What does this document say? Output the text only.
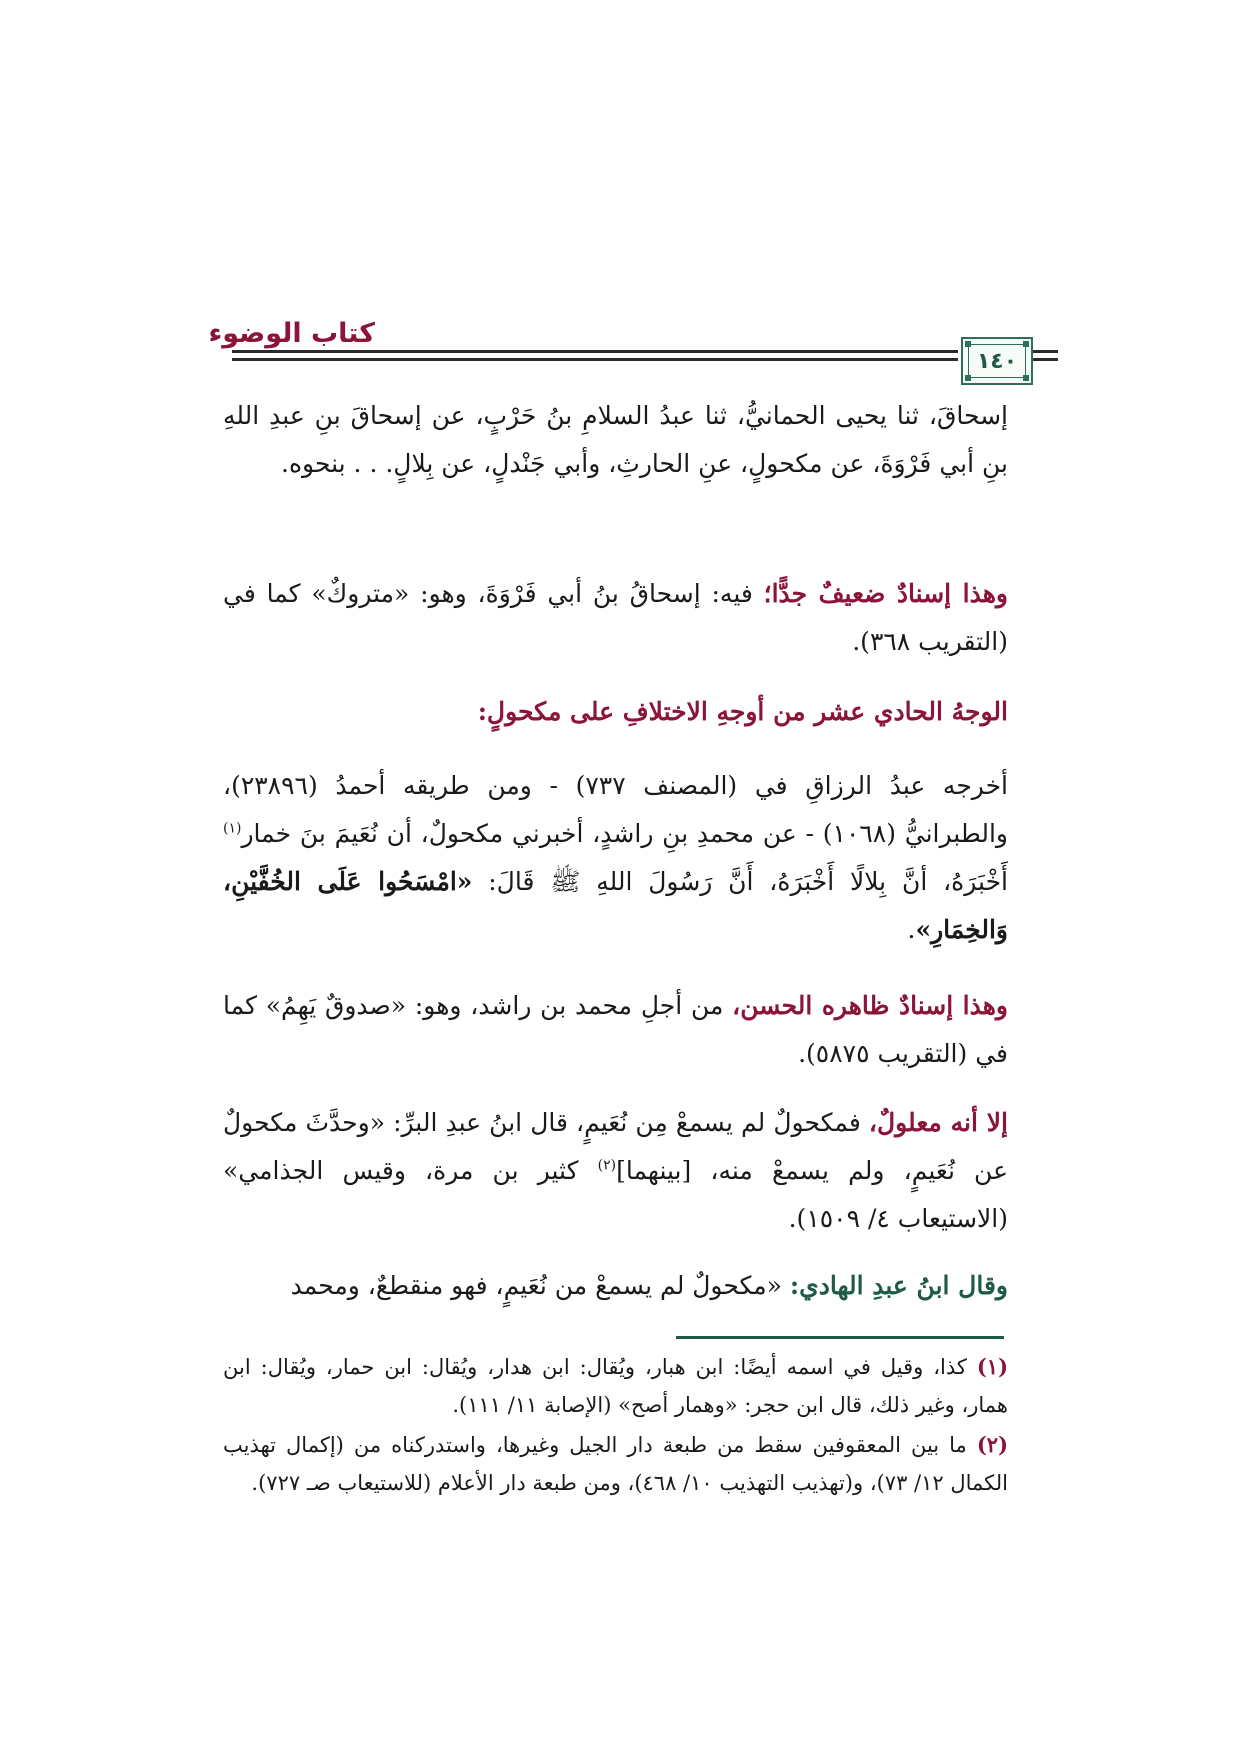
كتاب الوضوء
١٤٠

إسحاقَ، ثنا يحيى الحمانيُّ، ثنا عبدُ السلامِ بنُ حَرْبٍ، عن إسحاقَ بنِ عبدِ اللهِ بنِ أبي فَرْوَةَ، عن مكحولٍ، عنِ الحارثِ، وأبي جَنْدلٍ، عن بِلالٍ. . . بنحوه.

وهذا إسنادٌ ضعيفٌ جدًّا؛ فيه: إسحاقُ بنُ أبي فَرْوَةَ، وهو: «متروكٌ» كما في (التقريب ٣٦٨).

الوجهُ الحادي عشر من أوجهِ الاختلافِ على مكحولٍ:

أخرجه عبدُ الرزاقِ في (المصنف ٧٣٧) - ومن طريقه أحمدُ (٢٣٨٩٦)، والطبرانيُّ (١٠٦٨) - عن محمدِ بنِ راشدٍ، أخبرني مكحولٌ، أن نُعَيمَ بنَ خمار$^{(١)}$ أَخْبَرَهُ، أنَّ بِلالًا أَخْبَرَهُ، أَنَّ رَسُولَ اللهِ ﷺ قَالَ: «امْسَحُوا عَلَى الخُفَّيْنِ، وَالخِمَارِ».

وهذا إسنادٌ ظاهره الحسن، من أجلِ محمد بن راشد، وهو: «صدوقٌ يَهِمُ» كما في (التقريب ٥٨٧٥).

إلا أنه معلولٌ، فمكحولٌ لم يسمعْ مِن نُعَيمٍ، قال ابنُ عبدِ البرِّ: «وحدَّثَ مكحولٌ عن نُعَيمٍ، ولم يسمعْ منه، [بينهما]$^{(٢)}$ كثير بن مرة، وقيس الجذامي» (الاستيعاب ٤/ ١٥٠٩).

وقال ابنُ عبدِ الهادي: «مكحولٌ لم يسمعْ من نُعَيمٍ، فهو منقطعٌ، ومحمد

(١) كذا، وقيل في اسمه أيضًا: ابن هبار، ويُقال: ابن هدار، ويُقال: ابن حمار، ويُقال: ابن همار، وغير ذلك، قال ابن حجر: «وهمار أصح» (الإصابة ١١/ ١١١).

(٢) ما بين المعقوفين سقط من طبعة دار الجيل وغيرها، واستدركناه من (إكمال تهذيب الكمال ١٢/ ٧٣)، و(تهذيب التهذيب ١٠/ ٤٦٨)، ومن طبعة دار الأعلام (للاستيعاب صـ ٧٢٧).
